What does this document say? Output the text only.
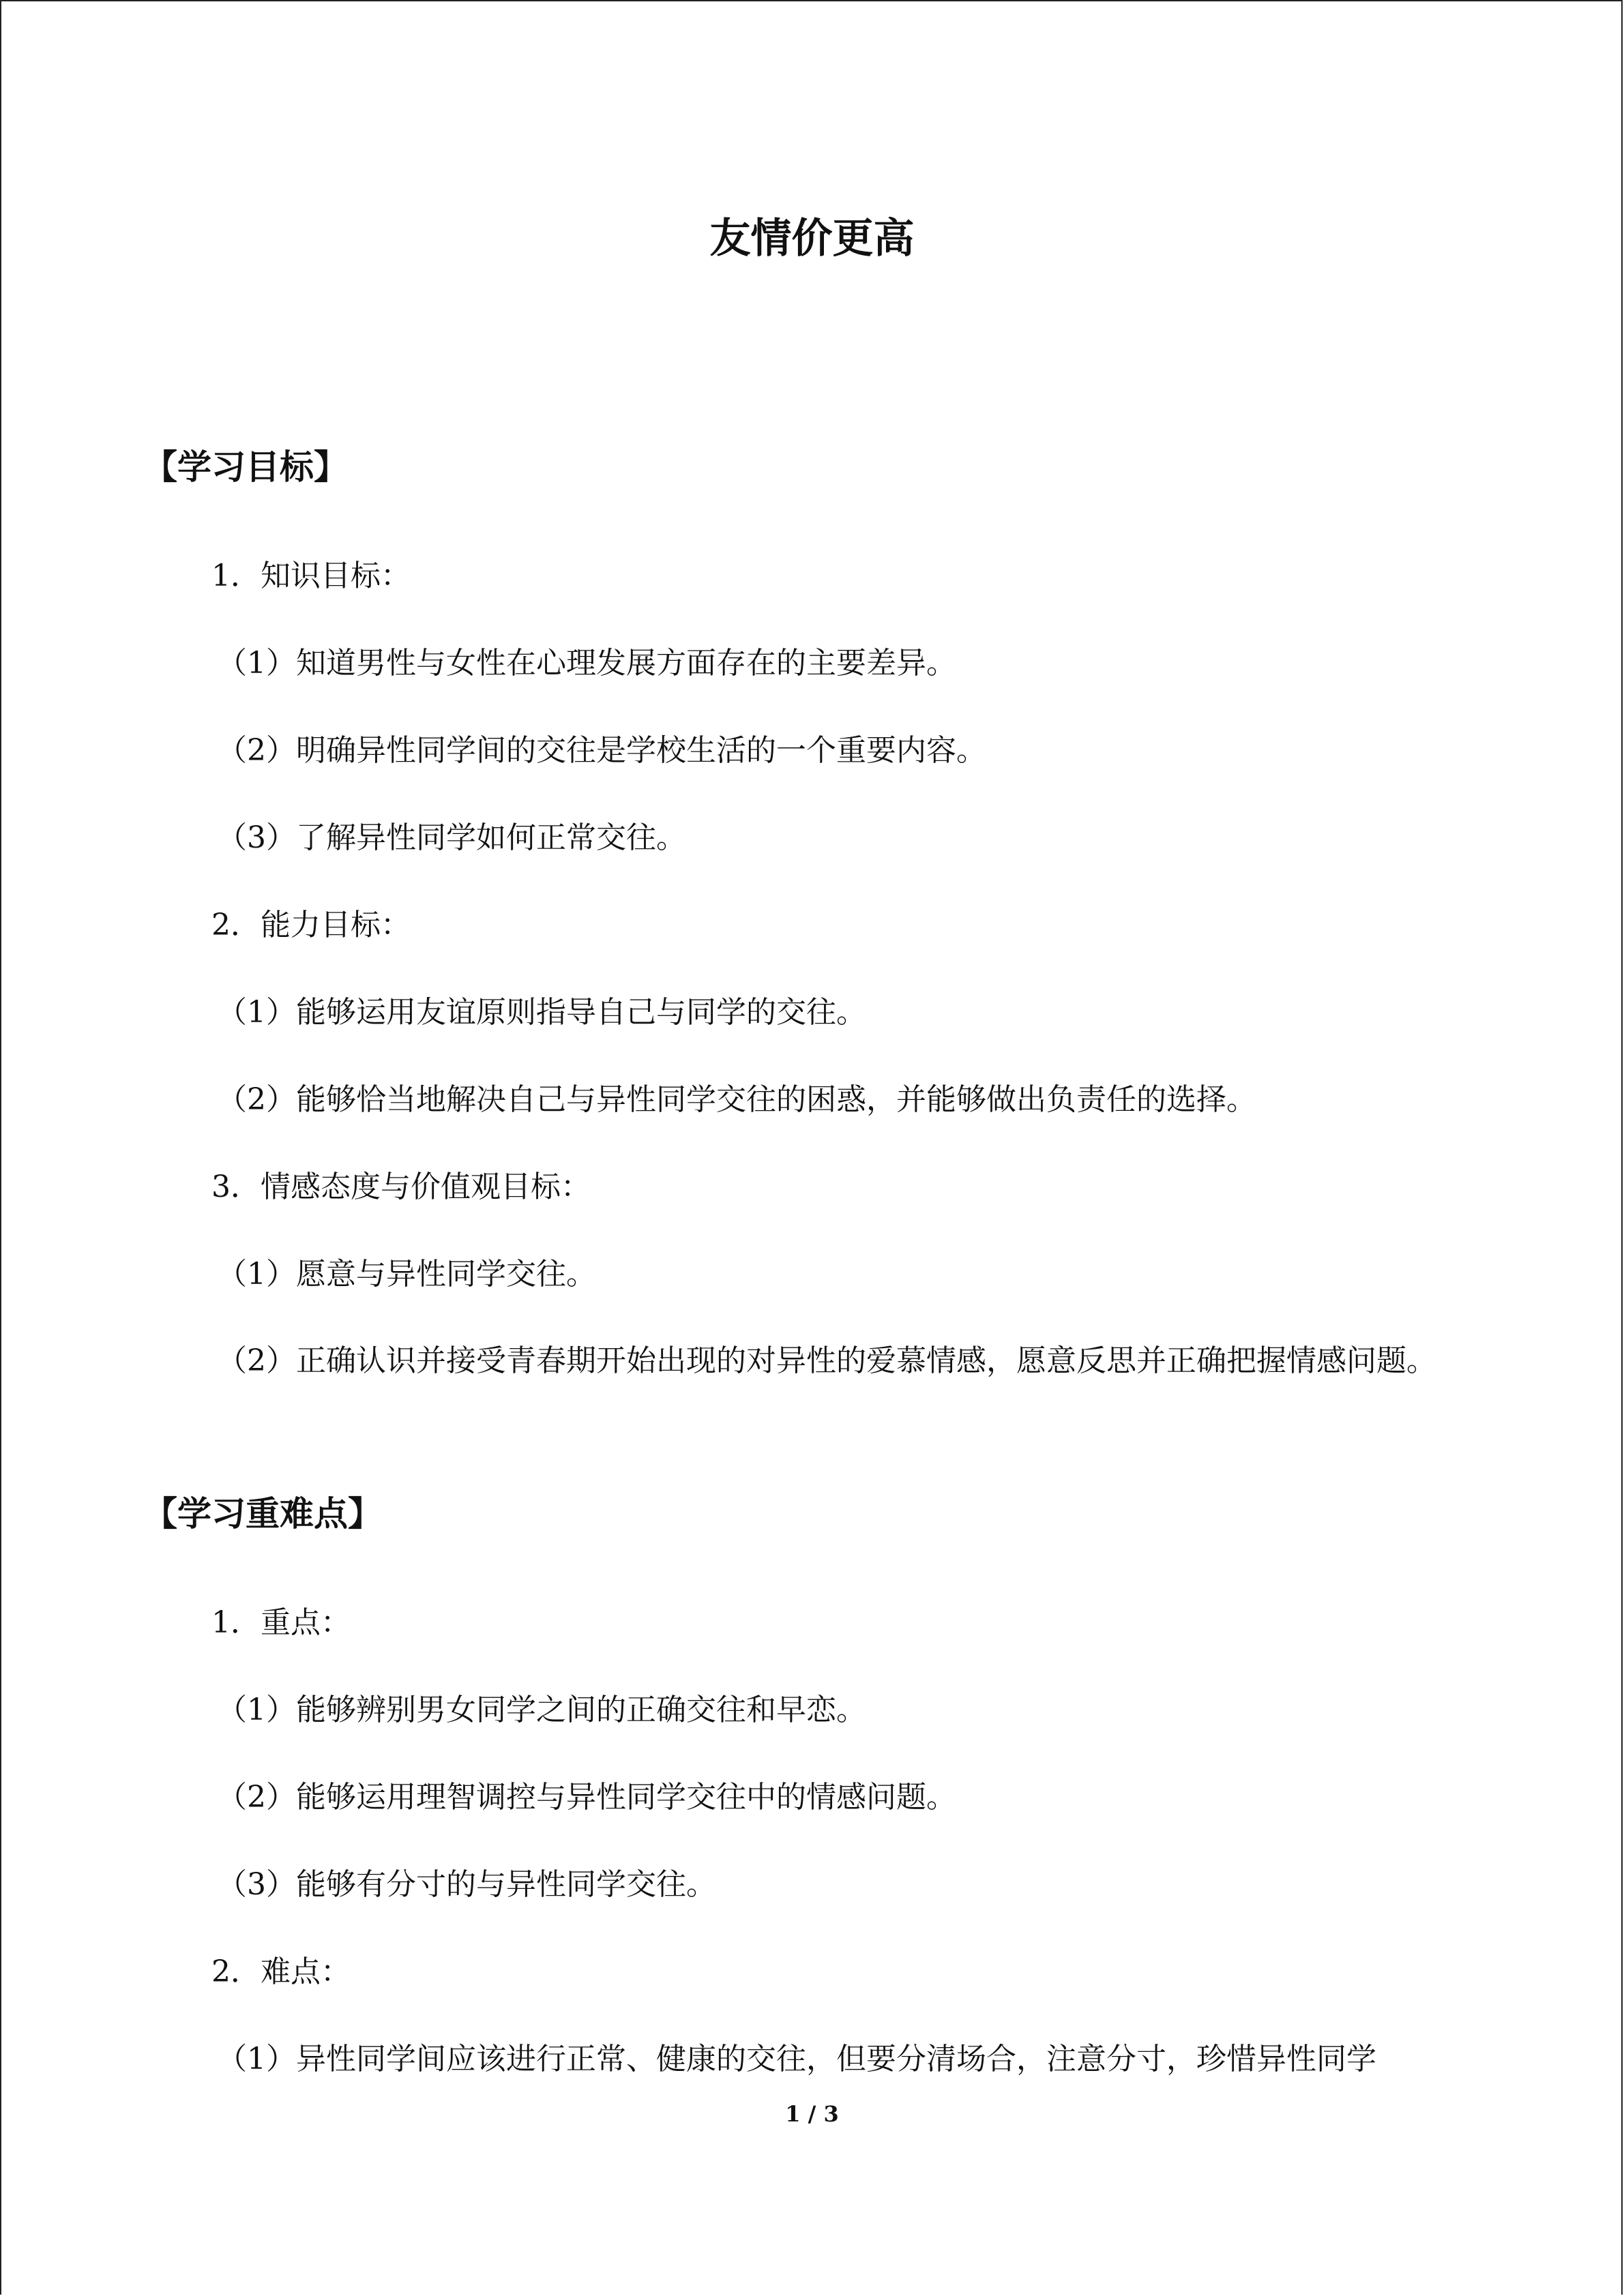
友情价更高
【学习目标】
1．知识目标：
（1）知道男性与女性在心理发展方面存在的主要差异。
（2）明确异性同学间的交往是学校生活的一个重要内容。
（3）了解异性同学如何正常交往。
2．能力目标：
（1）能够运用友谊原则指导自己与同学的交往。
（2）能够恰当地解决自己与异性同学交往的困惑，并能够做出负责任的选择。
3．情感态度与价值观目标：
（1）愿意与异性同学交往。
（2）正确认识并接受青春期开始出现的对异性的爱慕情感，愿意反思并正确把握情感问题。
【学习重难点】
1．重点：
（1）能够辨别男女同学之间的正确交往和早恋。
（2）能够运用理智调控与异性同学交往中的情感问题。
（3）能够有分寸的与异性同学交往。
2．难点：
（1）异性同学间应该进行正常、健康的交往，但要分清场合，注意分寸，珍惜异性同学
1 / 3
